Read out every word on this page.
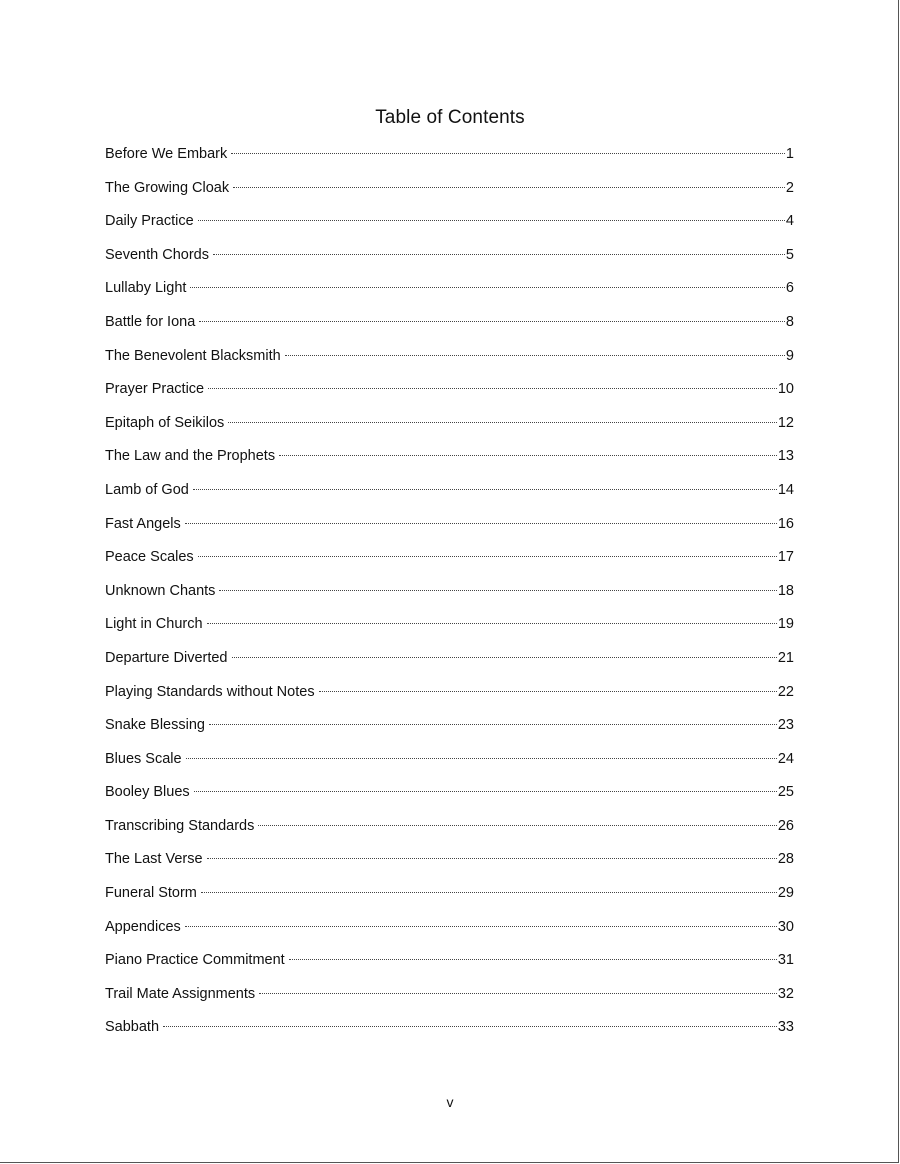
Table of Contents
Before We Embark	1
The Growing Cloak	2
Daily Practice	4
Seventh Chords	5
Lullaby Light	6
Battle for Iona	8
The Benevolent Blacksmith	9
Prayer Practice	10
Epitaph of Seikilos	12
The Law and the Prophets	13
Lamb of God	14
Fast Angels	16
Peace Scales	17
Unknown Chants	18
Light in Church	19
Departure Diverted	21
Playing Standards without Notes	22
Snake Blessing	23
Blues Scale	24
Booley Blues	25
Transcribing Standards	26
The Last Verse	28
Funeral Storm	29
Appendices	30
Piano Practice Commitment	31
Trail Mate Assignments	32
Sabbath	33
v
